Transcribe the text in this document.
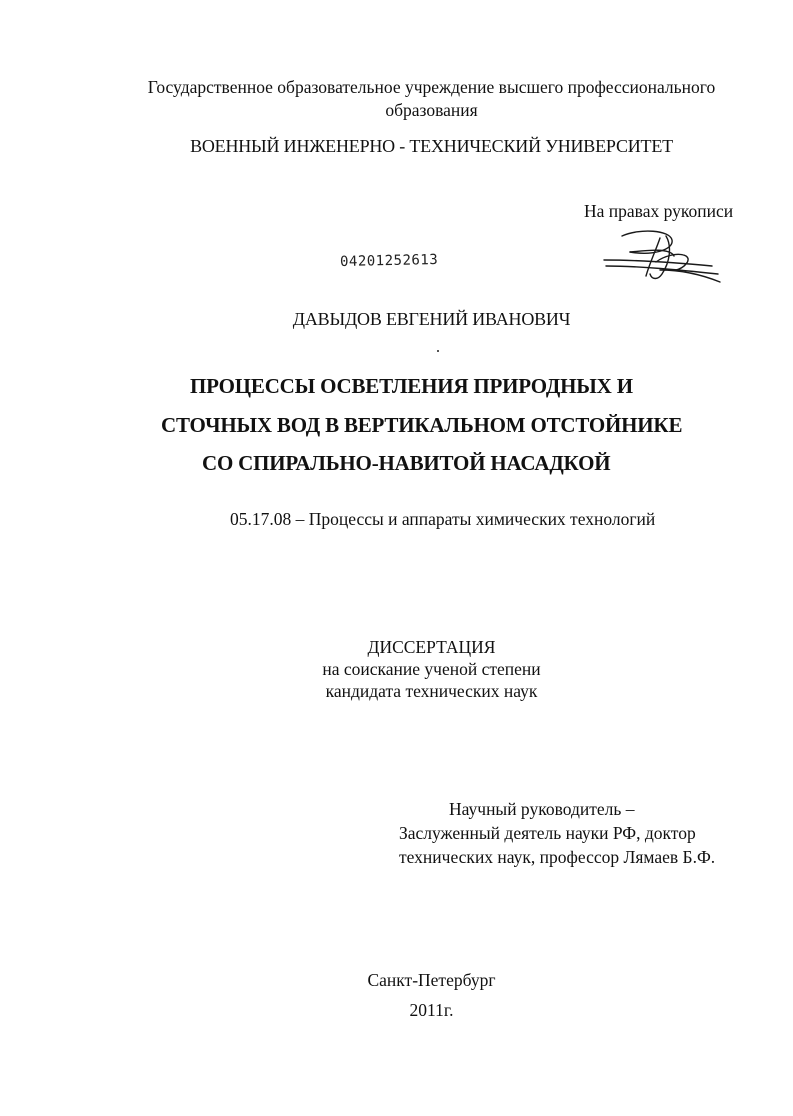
Государственное образовательное учреждение высшего профессионального
образования
ВОЕННЫЙ ИНЖЕНЕРНО - ТЕХНИЧЕСКИЙ УНИВЕРСИТЕТ
На правах рукописи
04201252613
ДАВЫДОВ ЕВГЕНИЙ ИВАНОВИЧ
ПРОЦЕССЫ ОСВЕТЛЕНИЯ ПРИРОДНЫХ И
СТОЧНЫХ ВОД В ВЕРТИКАЛЬНОМ ОТСТОЙНИКЕ
СО СПИРАЛЬНО-НАВИТОЙ НАСАДКОЙ
05.17.08 – Процессы и аппараты химических технологий
ДИССЕРТАЦИЯ
на соискание ученой степени
кандидата технических наук
Научный руководитель –
Заслуженный деятель науки РФ, доктор
технических наук, профессор Лямаев Б.Ф.
Санкт-Петербург
2011г.
